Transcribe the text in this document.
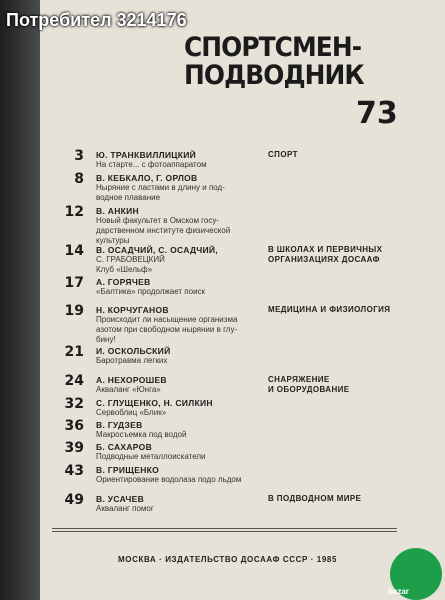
СПОРТСМЕН-
ПОДВОДНИК
73
3 Ю. ТРАНКВИЛЛИЦКИЙ
На старте... с фотоаппаратом
СПОРТ
8 В. КЕБКАЛО, Г. ОРЛОВ
Ныряние с ластами в длину и под-
водное плавание
12 В. АНКИН
Новый факультет в Омском госу-
дарственном институте физической
культуры
14 В. ОСАДЧИЙ, С. ОСАДЧИЙ,
С. ГРАБОВЕЦКИЙ
Клуб «Шельф»
В ШКОЛАХ И ПЕРВИЧНЫХ
ОРГАНИЗАЦИЯХ ДОСААФ
17 А. ГОРЯЧЕВ
«Балтика» продолжает поиск
19 Н. КОРЧУГАНОВ
Происходит ли насыщение организма
азотом при свободном нырянии в глу-
бину!
МЕДИЦИНА И ФИЗИОЛОГИЯ
21 И. ОСКОЛЬСКИЙ
Баротравма легких
24 А. НЕХОРОШЕВ
Акваланг «Юнга»
СНАРЯЖЕНИЕ
И ОБОРУДОВАНИЕ
32 С. ГЛУЩЕНКО, Н. СИЛКИН
Сервоблиц «Блик»
36 В. ГУДЗЕВ
Макросъемка под водой
39 Б. САХАРОВ
Подводные металлоискатели
43 В. ГРИЩЕНКО
Ориентирование водолаза подо льдом
49 В. УСАЧЕВ
Акваланг помог
В ПОДВОДНОМ МИРЕ
МОСКВА · ИЗДАТЕЛЬСТВО ДОСААФ СССР · 1985
bazar
Потребител 3214176
